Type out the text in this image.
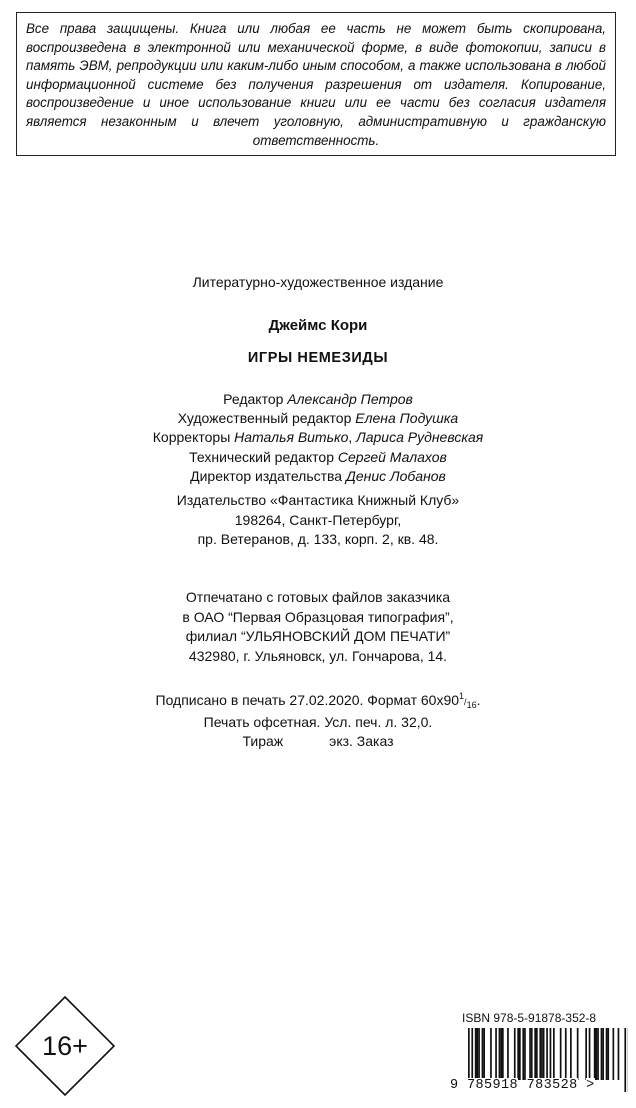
Все права защищены. Книга или любая ее часть не может быть скопирована, воспроизведена в электронной или механической форме, в виде фотокопии, записи в память ЭВМ, репродукции или каким-либо иным способом, а также использована в любой информационной системе без получения разрешения от издателя. Копирование, воспроизведение и иное использование книги или ее части без согласия издателя является незаконным и влечет уголовную, административную и гражданскую ответственность.

Литературно-художественное издание

Джеймс Кори

ИГРЫ НЕМЕЗИДЫ

Редактор Александр Петров

Художественный редактор Елена Подушка

Корректоры Наталья Витько, Лариса Рудневская

Технический редактор Сергей Малахов

Директор издательства Денис Лобанов

Издательство «Фантастика Книжный Клуб»

198264, Санкт-Петербург,

пр. Ветеранов, д. 133, корп. 2, кв. 48.

Отпечатано с готовых файлов заказчика

в ОАО “Первая Образцовая типография”,

филиал “УЛЬЯНОВСКИЙ ДОМ ПЕЧАТИ”

432980, г. Ульяновск, ул. Гончарова, 14.

Подписано в печать 27.02.2020. Формат 60x901/16.

Печать офсетная. Усл. печ. л. 32,0.

Тираж	экз. Заказ

16+
ISBN 978-5-91878-352-8
9 785918 783528 >
